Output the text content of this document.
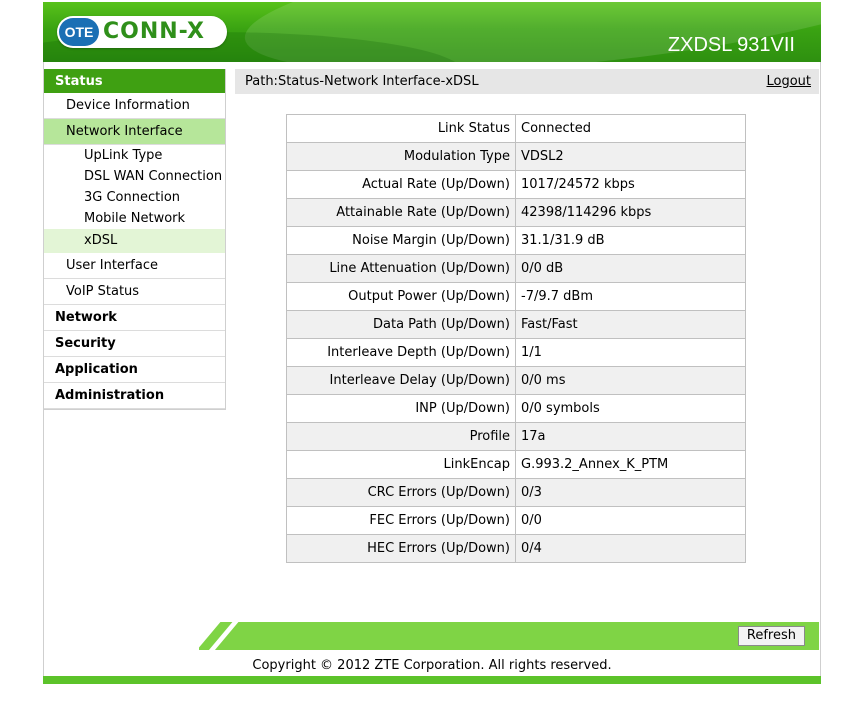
OTE CONN-X
ZXDSL 931VII
Status
Device Information
Network Interface
UpLink Type
DSL WAN Connection
3G Connection
Mobile Network
xDSL
User Interface
VoIP Status
Network
Security
Application
Administration
Path:Status-Network Interface-xDSL	Logout
Link Status	Connected
Modulation Type	VDSL2
Actual Rate (Up/Down)	1017/24572 kbps
Attainable Rate (Up/Down)	42398/114296 kbps
Noise Margin (Up/Down)	31.1/31.9 dB
Line Attenuation (Up/Down)	0/0 dB
Output Power (Up/Down)	-7/9.7 dBm
Data Path (Up/Down)	Fast/Fast
Interleave Depth (Up/Down)	1/1
Interleave Delay (Up/Down)	0/0 ms
INP (Up/Down)	0/0 symbols
Profile	17a
LinkEncap	G.993.2_Annex_K_PTM
CRC Errors (Up/Down)	0/3
FEC Errors (Up/Down)	0/0
HEC Errors (Up/Down)	0/4
Refresh
Copyright © 2012 ZTE Corporation. All rights reserved.
